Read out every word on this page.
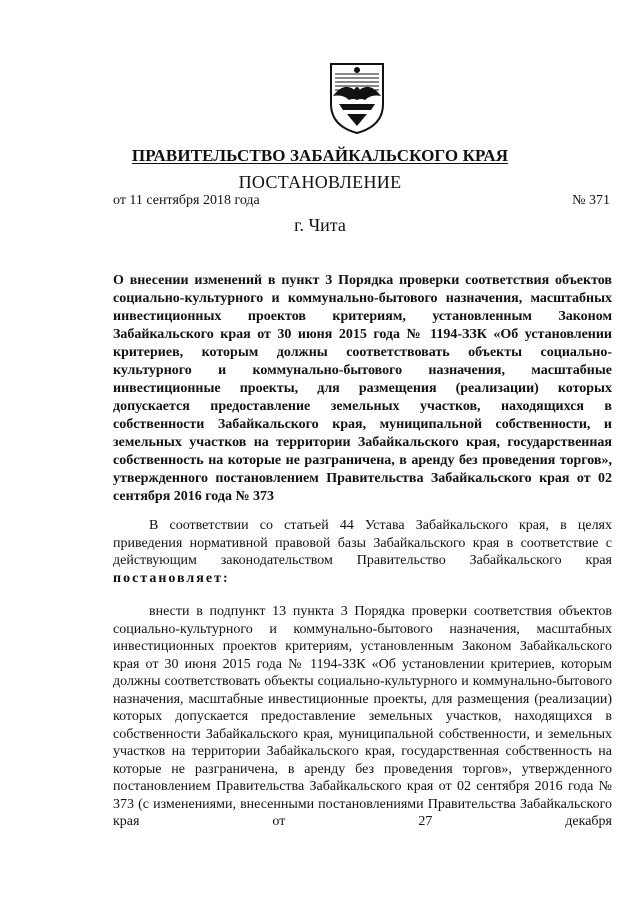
ПРАВИТЕЛЬСТВО ЗАБАЙКАЛЬСКОГО КРАЯ
ПОСТАНОВЛЕНИЕ
от 11 сентября 2018 года	№ 371
г. Чита
О внесении изменений в пункт 3 Порядка проверки соответствия объектов социально-культурного и коммунально-бытового назначения, масштабных инвестиционных проектов критериям, установленным Законом Забайкальского края от 30 июня 2015 года № 1194-ЗЗК «Об установлении критериев, которым должны соответствовать объекты социально-культурного и коммунально-бытового назначения, масштабные инвестиционные проекты, для размещения (реализации) которых допускается предоставление земельных участков, находящихся в собственности Забайкальского края, муниципальной собственности, и земельных участков на территории Забайкальского края, государственная собственность на которые не разграничена, в аренду без проведения торгов», утвержденного постановлением Правительства Забайкальского края от 02 сентября 2016 года № 373
В соответствии со статьей 44 Устава Забайкальского края, в целях приведения нормативной правовой базы Забайкальского края в соответствие с действующим законодательством Правительство Забайкальского края постановляет:
внести в подпункт 13 пункта 3 Порядка проверки соответствия объектов социально-культурного и коммунально-бытового назначения, масштабных инвестиционных проектов критериям, установленным Законом Забайкальского края от 30 июня 2015 года № 1194-ЗЗК «Об установлении критериев, которым должны соответствовать объекты социально-культурного и коммунально-бытового назначения, масштабные инвестиционные проекты, для размещения (реализации) которых допускается предоставление земельных участков, находящихся в собственности Забайкальского края, муниципальной собственности, и земельных участков на территории Забайкальского края, государственная собственность на которые не разграничена, в аренду без проведения торгов», утвержденного постановлением Правительства Забайкальского края от 02 сентября 2016 года № 373 (с изменениями, внесенными постановлениями Правительства Забайкальского края от 27 декабря
